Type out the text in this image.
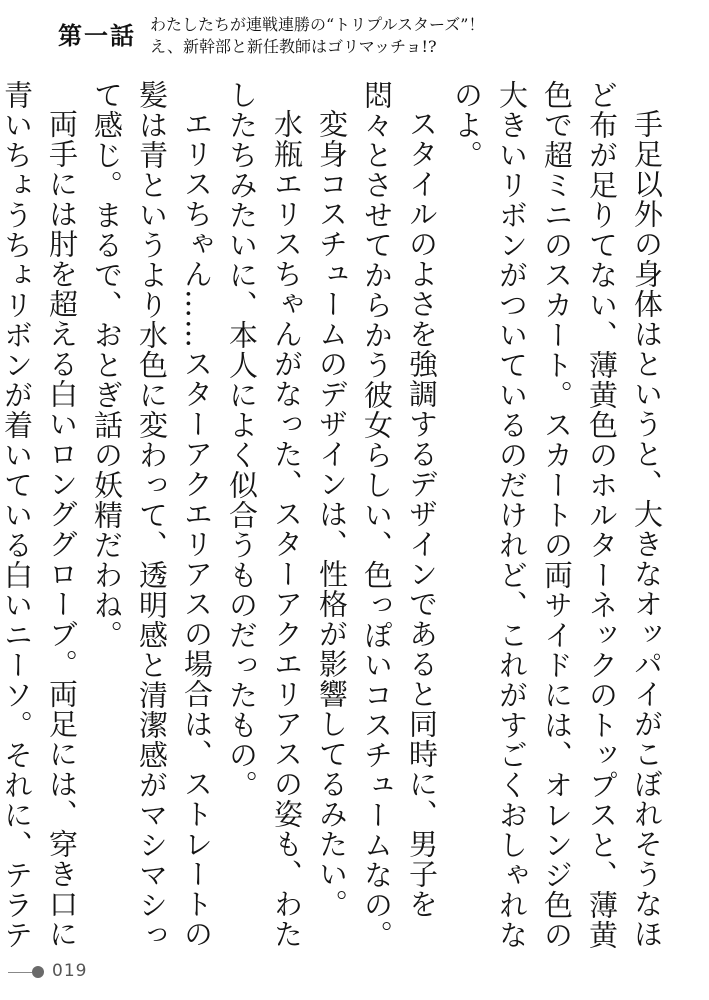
第一話 わたしたちが連戦連勝の“トリプルスターズ”！
え、新幹部と新任教師はゴリマッチョ!?

手足以外の身体はというと、大きなオッパイがこぼれそうなほど布が足りてない、薄黄色のホルターネックのトップスと、薄黄色で超ミニのスカート。スカートの両サイドには、オレンジ色の大きいリボンがついているのだけれど、これがすごくおしゃれなのよ。

スタイルのよさを強調するデザインであると同時に、男子を悶々とさせてからかう彼女らしい、色っぽいコスチュームなの。

変身コスチュームのデザインは、性格が影響してるみたい。

水瓶エリスちゃんがなった、スターアクエリアスの姿も、わたしたちみたいに、本人によく似合うものだったもの。

エリスちゃん……スターアクエリアスの場合は、ストレートの髪は青というより水色に変わって、透明感と清潔感がマシマシって感じ。まるで、おとぎ話の妖精だわね。

両手には肘を超える白いロンググローブ。両足には、穿き口に青いちょうちょリボンが着いている白いニーソ。それに、テラテ

019
